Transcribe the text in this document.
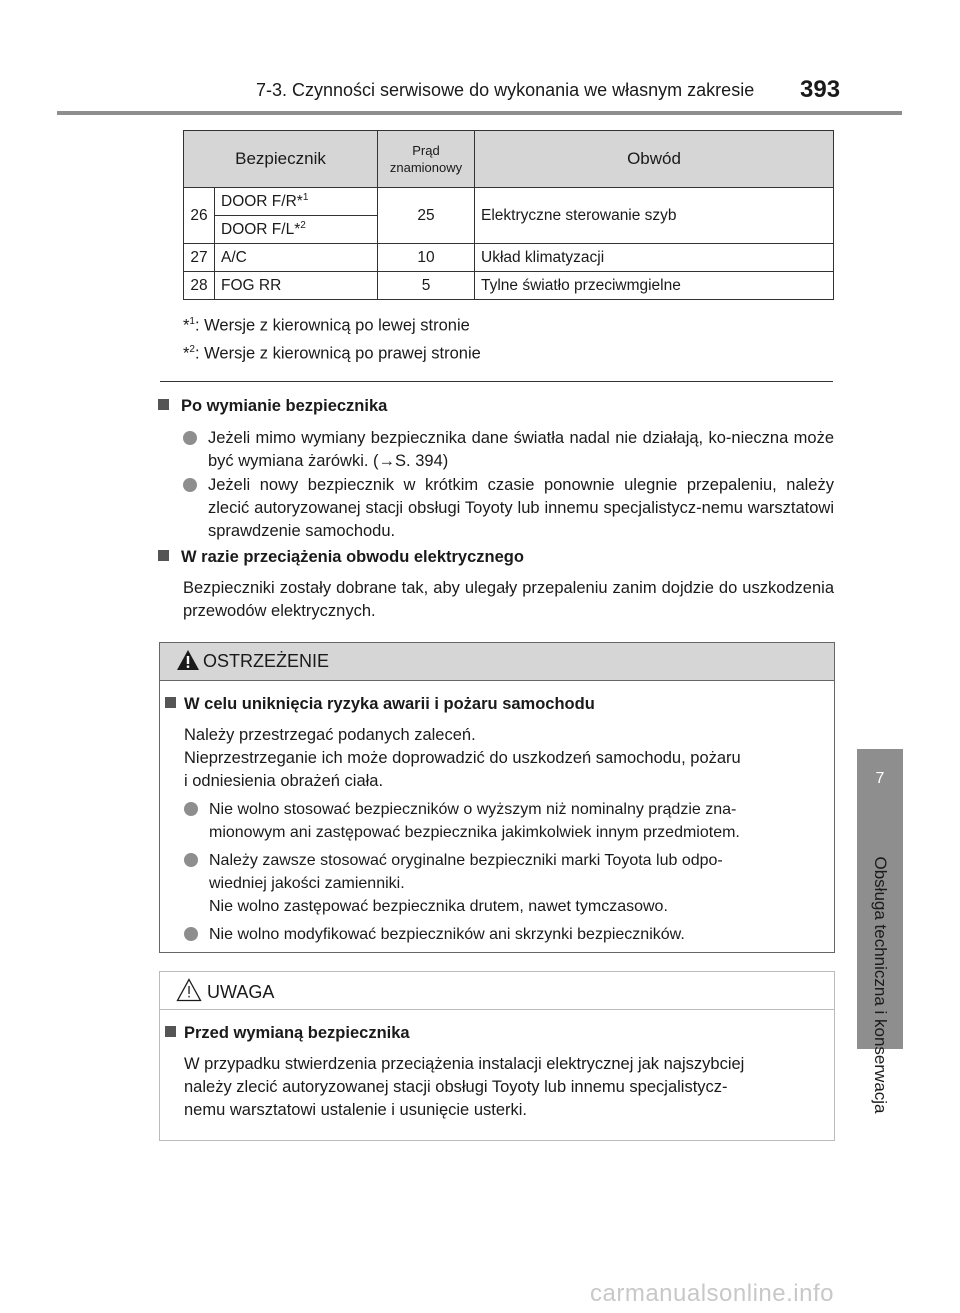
7-3. Czynności serwisowe do wykonania we własnym zakresie 393
7
Obsługa techniczna i konserwacja
Bezpiecznik		Prąd znamionowy	Obwód
26	DOOR F/R*$^1$	25	Elektryczne sterowanie szyb
	DOOR F/L*$^2$
27	A/C	10	Układ klimatyzacji
28	FOG RR	5	Tylne światło przeciwmgielne
*$^1$: Wersje z kierownicą po lewej stronie
*$^2$: Wersje z kierownicą po prawej stronie
Po wymianie bezpiecznika
Jeżeli mimo wymiany bezpiecznika dane światła nadal nie działają, ko-nieczna może być wymiana żarówki. (→S. 394)
Jeżeli nowy bezpiecznik w krótkim czasie ponownie ulegnie przepaleniu, należy zlecić autoryzowanej stacji obsługi Toyoty lub innemu specjalistycz-nemu warsztatowi sprawdzenie samochodu.
W razie przeciążenia obwodu elektrycznego
Bezpieczniki zostały dobrane tak, aby ulegały przepaleniu zanim dojdzie do uszkodzenia przewodów elektrycznych.
OSTRZEŻENIE
W celu uniknięcia ryzyka awarii i pożaru samochodu
Należy przestrzegać podanych zaleceń.
Nieprzestrzeganie ich może doprowadzić do uszkodzeń samochodu, pożaru
i odniesienia obrażeń ciała.
Nie wolno stosować bezpieczników o wyższym niż nominalny prądzie zna-
mionowym ani zastępować bezpiecznika jakimkolwiek innym przedmiotem.
Należy zawsze stosować oryginalne bezpieczniki marki Toyota lub odpo-
wiedniej jakości zamienniki.
Nie wolno zastępować bezpiecznika drutem, nawet tymczasowo.
Nie wolno modyfikować bezpieczników ani skrzynki bezpieczników.
UWAGA
Przed wymianą bezpiecznika
W przypadku stwierdzenia przeciążenia instalacji elektrycznej jak najszybciej
należy zlecić autoryzowanej stacji obsługi Toyoty lub innemu specjalistycz-
nemu warsztatowi ustalenie i usunięcie usterki.
carmanualsonline.info
